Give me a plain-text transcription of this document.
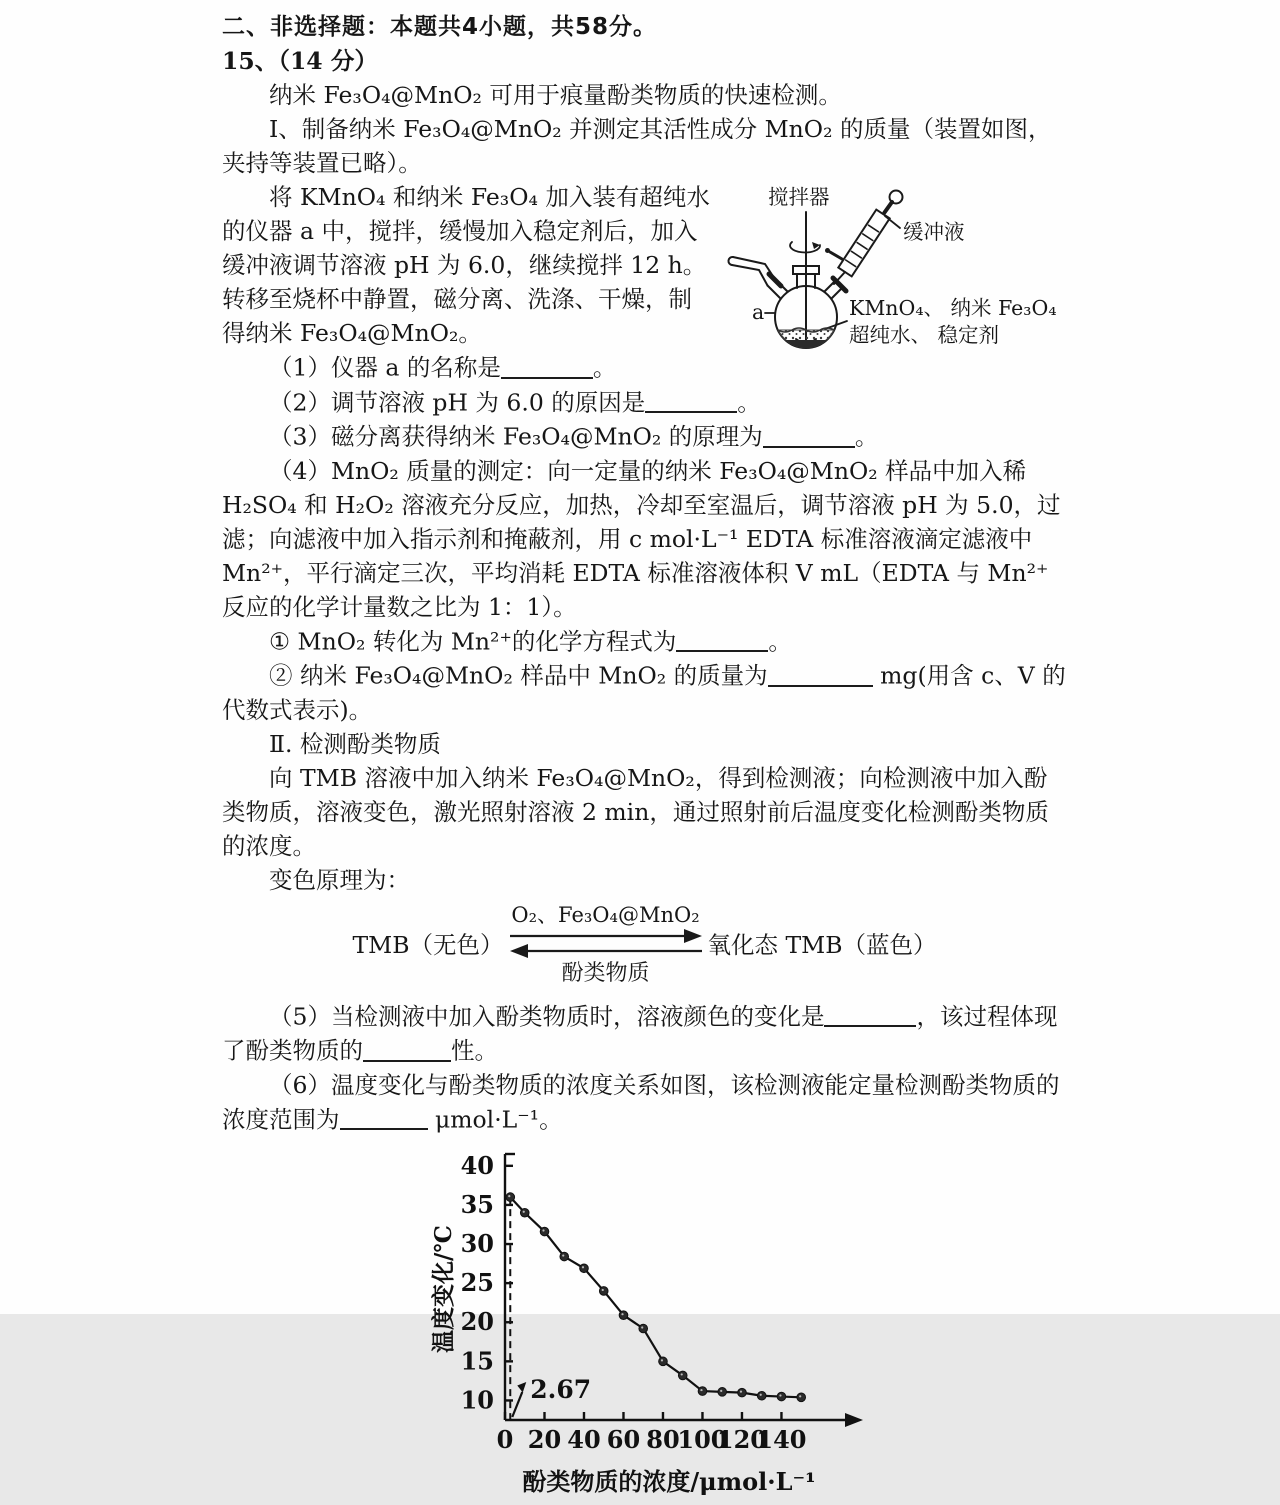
二、非选择题：本题共4小题，共58分。

15、（14 分）

纳米 Fe₃O₄@MnO₂ 可用于痕量酚类物质的快速检测。

I、制备纳米 Fe₃O₄@MnO₂ 并测定其活性成分 MnO₂ 的质量（装置如图，夹持等装置已略）。

搅拌器
缓冲液
a	KMnO₄、 纳米 Fe₃O₄
超纯水、 稳定剂

将 KMnO₄ 和纳米 Fe₃O₄ 加入装有超纯水的仪器 a 中，搅拌，缓慢加入稳定剂后，加入缓冲液调节溶液 pH 为 6.0，继续搅拌 12 h。转移至烧杯中静置，磁分离、洗涤、干燥，制得纳米 Fe₃O₄@MnO₂。

（1）仪器 a 的名称是	。

（2）调节溶液 pH 为 6.0 的原因是	。

（3）磁分离获得纳米 Fe₃O₄@MnO₂ 的原理为	。

（4）MnO₂ 质量的测定：向一定量的纳米 Fe₃O₄@MnO₂ 样品中加入稀 H₂SO₄ 和 H₂O₂ 溶液充分反应，加热，冷却至室温后，调节溶液 pH 为 5.0，过滤；向滤液中加入指示剂和掩蔽剂，用 c mol·L⁻¹ EDTA 标准溶液滴定滤液中 Mn²⁺，平行滴定三次，平均消耗 EDTA 标准溶液体积 V mL（EDTA 与 Mn²⁺反应的化学计量数之比为 1：1）。

① MnO₂ 转化为 Mn²⁺的化学方程式为	。

② 纳米 Fe₃O₄@MnO₂ 样品中 MnO₂ 的质量为	mg(用含 c、V 的代数式表示)。

Ⅱ. 检测酚类物质

向 TMB 溶液中加入纳米 Fe₃O₄@MnO₂，得到检测液；向检测液中加入酚类物质，溶液变色，激光照射溶液 2 min，通过照射前后温度变化检测酚类物质的浓度。

变色原理为：

TMB（无色）
O₂、Fe₃O₄@MnO₂
酚类物质
氧化态 TMB（蓝色）

（5）当检测液中加入酚类物质时，溶液颜色的变化是	，该过程体现了酚类物质的	性。

（6）温度变化与酚类物质的浓度关系如图，该检测液能定量检测酚类物质的浓度范围为	μmol·L⁻¹。

0 20 40 60 80
100
120
140
10
15
20
25
30
35
40
2.67
酚类物质的浓度/μmol·L⁻¹
温度变化/℃
